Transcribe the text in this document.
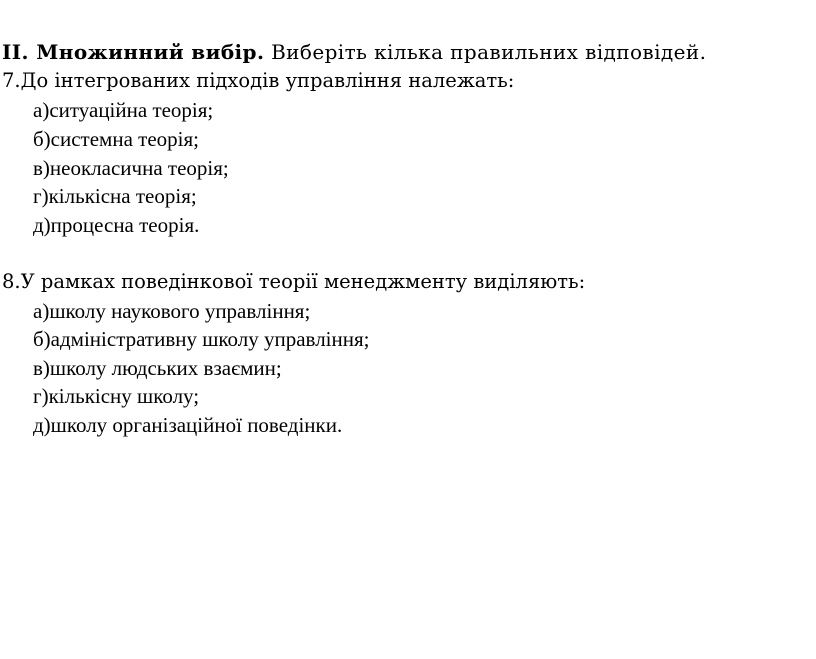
II. Множинний вибір. Виберіть кілька правильних відповідей.
7.До інтегрованих підходів управління належать:
а)ситуаційна теорія;
б)системна теорія;
в)неокласична теорія;
г)кількісна теорія;
д)процесна теорія.
8.У рамках поведінкової теорії менеджменту виділяють:
а)школу наукового управління;
б)адміністративну школу управління;
в)школу людських взаємин;
г)кількісну школу;
д)школу організаційної поведінки.
